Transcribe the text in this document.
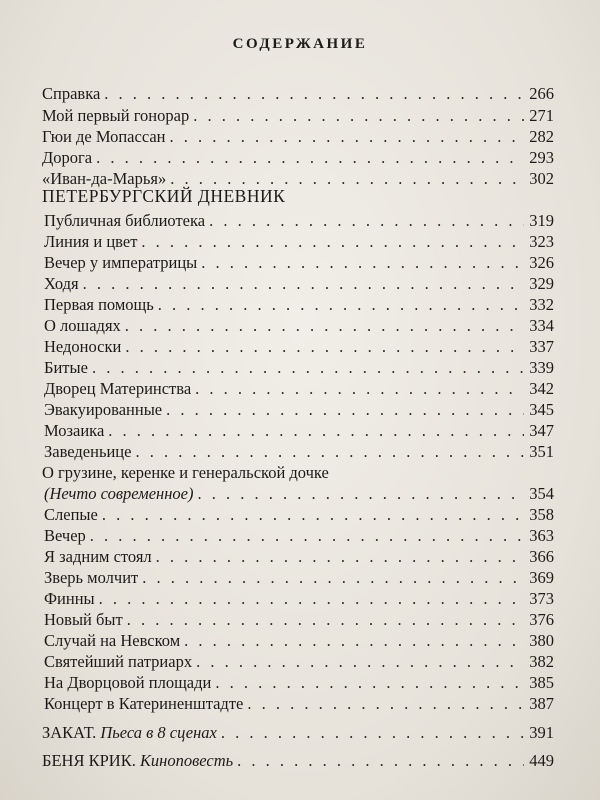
СОДЕРЖАНИЕ
Справка . . .	266
Мой первый гонорар . . .	271
Гюи де Мопассан . . .	282
Дорога . . .	293
«Иван-да-Марья» . . .	302
ПЕТЕРБУРГСКИЙ ДНЕВНИК
Публичная библиотека . . .	319
Линия и цвет . . .	323
Вечер у императрицы . . .	326
Ходя . . .	329
Первая помощь . . .	332
О лошадях . . .	334
Недоноски . . .	337
Битые . . .	339
Дворец Материнства . . .	342
Эвакуированные . . .	345
Мозаика . . .	347
Заведеньице . . .	351
О грузине, керенке и генеральской дочке
(Нечто современное) . . .	354
Слепые . . .	358
Вечер . . .	363
Я задним стоял . . .	366
Зверь молчит . . .	369
Финны . . .	373
Новый быт . . .	376
Случай на Невском . . .	380
Святейший патриарх . . .	382
На Дворцовой площади . . .	385
Концерт в Катериненштадте . . .	387
ЗАКАТ. Пьеса в 8 сценах . . .	391
БЕНЯ КРИК. Киноповесть . . .	449
